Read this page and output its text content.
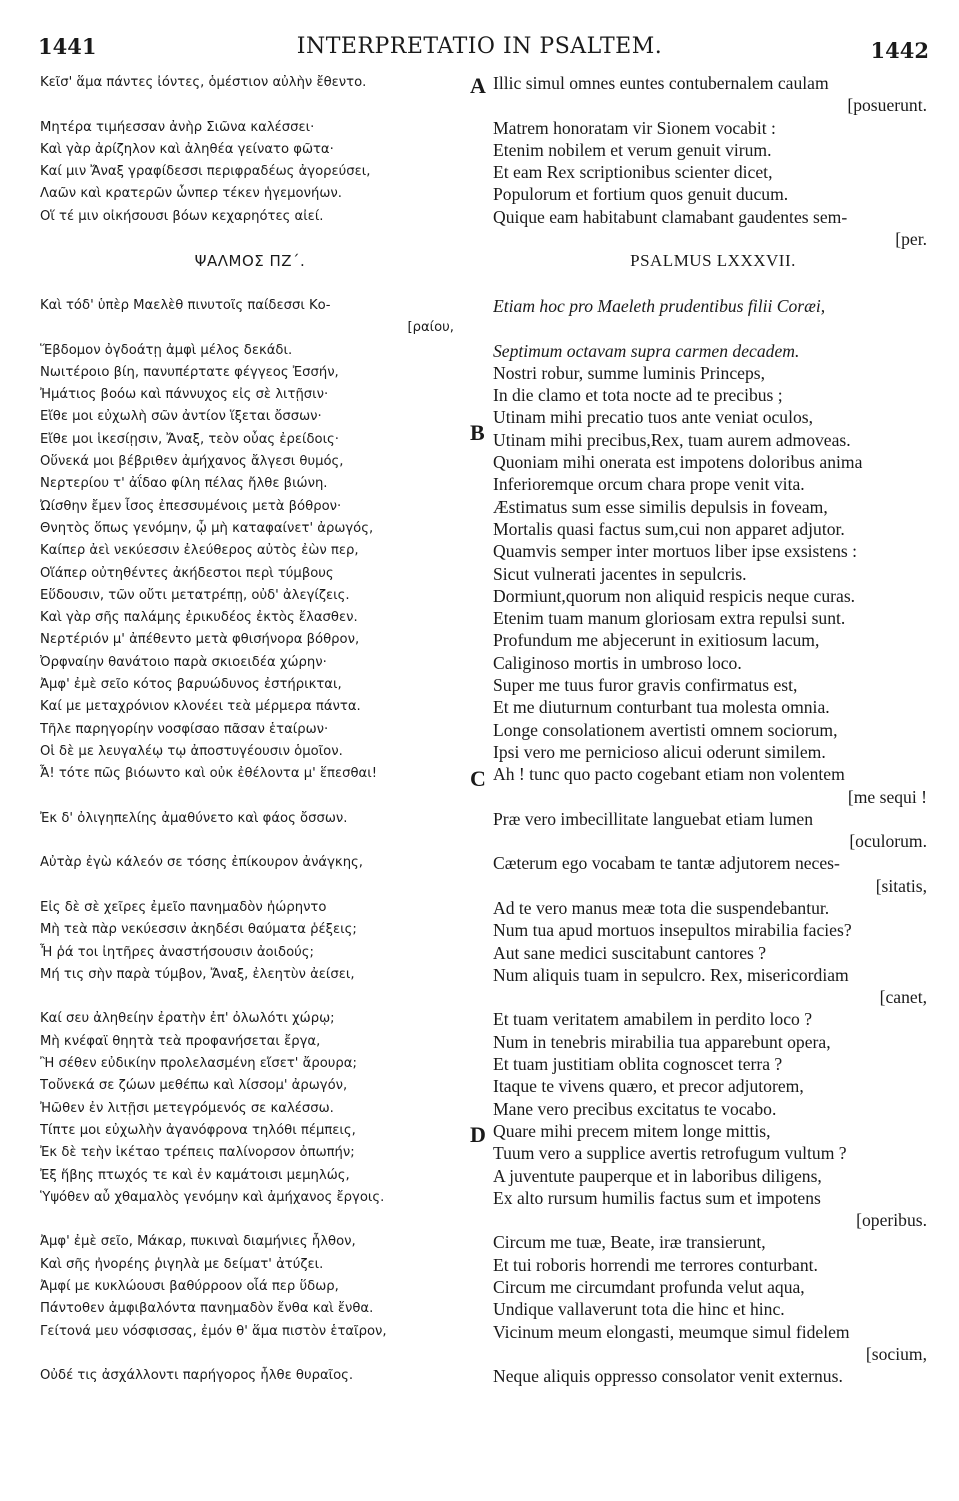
1441	INTERPRETATIO IN PSALTEM.	1442
A
B
C
D
Κεῖσ' ἅμα πάντες ἰόντες, ὁμέστιον αὐλὴν ἔθεντο.
Μητέρα τιμήεσσαν ἀνὴρ Σιῶνα καλέσσει·
Καὶ γὰρ ἀρίζηλον καὶ ἀληθέα γείνατο φῶτα·
Καί μιν Ἄναξ γραφίδεσσι περιφραδέως ἀγορεύσει,
Λαῶν καὶ κρατερῶν ὧνπερ τέκεν ἡγεμονήων.
Οἵ τέ μιν οἰκήσουσι βόων κεχαρηότες αἰεί.
ΨΑΛΜΟΣ ΠΖ΄.
Καὶ τόδ' ὑπὲρ Μαελὲθ πινυτοῖς παίδεσσι Κο-
[ραίου,
Ἕβδομον ὀγδοάτῃ ἀμφὶ μέλος δεκάδι.
Νωιτέροιο βίη, πανυπέρτατε φέγγεος Ἐσσήν,
Ἠμάτιος βοόω καὶ πάννυχος εἰς σὲ λιτῇσιν·
Εἴθε μοι εὐχωλὴ σῶν ἀντίον ἵξεται ὄσσων·
Εἴθε μοι ἱκεσίῃσιν, Ἄναξ, τεὸν οὖας ἐρείδοις·
Οὕνεκά μοι βέβριθεν ἀμήχανος ἄλγεσι θυμός,
Νερτερίου τ' ἀΐδαο φίλη πέλας ἤλθε βιώνη.
Ὠίσθην ἔμεν ἶσος ἐπεσσυμένοις μετὰ βόθρον·
Θνητὸς ὅπως γενόμην, ᾧ μὴ καταφαίνετ' ἀρωγός,
Καίπερ ἀεὶ νεκύεσσιν ἐλεύθερος αὐτὸς ἐὼν περ,
Οἵάπερ οὐτηθέντες ἀκήδεστοι περὶ τύμβους
Εὕδουσιν, τῶν οὔτι μετατρέπῃ, οὐδ' ἀλεγίζεις.
Καὶ γὰρ σῆς παλάμης ἐρικυδέος ἐκτὸς ἔλασθεν.
Νερτέριόν μ' ἀπέθεντο μετὰ φθισήνορα βόθρον,
Ὀρφναίην θανάτοιο παρὰ σκιοειδέα χώρην·
Ἀμφ' ἐμὲ σεῖο κότος βαρυώδυνος ἐστήρικται,
Καί με μεταχρόνιον κλονέει τεὰ μέρμερα πάντα.
Τῆλε παρηγορίην νοσφίσαο πᾶσαν ἑταίρων·
Οἱ δὲ με λευγαλέῳ τῳ ἀποστυγέουσιν ὁμοῖον.
Ἆ! τότε πῶς βιόωντο καὶ οὐκ ἐθέλοντα μ' ἕπεσθαι!
Ἐκ δ' ὀλιγηπελίης ἀμαθύνετο καὶ φάος ὄσσων.
Αὐτὰρ ἐγὼ κάλεόν σε τόσης ἐπίκουρον ἀνάγκης,
Εἰς δὲ σὲ χεῖρες ἐμεῖο πανημαδὸν ἠώρηντο
Μὴ τεὰ πὰρ νεκύεσσιν ἀκηδέσι θαύματα ῥέξεις;
Ἦ ῥά τοι ἰητῆρες ἀναστήσουσιν ἀοιδούς;
Μή τις σὴν παρὰ τύμβον, Ἄναξ, ἐλεητὺν ἀείσει,
Καί σευ ἀληθείην ἐρατὴν ἐπ' ὀλωλότι χώρῳ;
Μὴ κνέφαϊ θηητὰ τεὰ προφανήσεται ἔργα,
Ἢ σέθεν εὐδικίην προλελασμένη εἴσετ' ἄρουρα;
Τοὔνεκά σε ζώων μεθέπω καὶ λίσσομ' ἀρωγόν,
Ἠῶθεν ἐν λιτῇσι μετεγρόμενός σε καλέσσω.
Τίπτε μοι εὐχωλὴν ἀγανόφρονα τηλόθι πέμπεις,
Ἐκ δὲ τεὴν ἱκέταο τρέπεις παλίνορσον ὀπωπήν;
Ἐξ ἥβης πτωχός τε καὶ ἐν καμάτοισι μεμηλώς,
Ὑψόθεν αὖ χθαμαλὸς γενόμην καὶ ἀμήχανος ἔργοις.
Ἀμφ' ἐμὲ σεῖο, Μάκαρ, πυκιναὶ διαμήνιες ἦλθον,
Καὶ σῆς ἠνορέης ῥιγηλὰ με δείματ' ἀτύζει.
Ἀμφί με κυκλώουσι βαθύρροον οἷά περ ὕδωρ,
Πάντοθεν ἀμφιβαλόντα πανημαδὸν ἔνθα καὶ ἔνθα.
Γείτονά μευ νόσφισσας, ἐμόν θ' ἅμα πιστὸν ἑταῖρον,
Οὐδέ τις ἀσχάλλοντι παρήγορος ἦλθε θυραῖος.
Illic simul omnes euntes contubernalem caulam
[posuerunt.
Matrem honoratam vir Sionem vocabit :
Etenim nobilem et verum genuit virum.
Et eam Rex scriptionibus scienter dicet,
Populorum et fortium quos genuit ducum.
Quique eam habitabunt clamabant gaudentes sem-
[per.
PSALMUS LXXXVII.
Etiam hoc pro Maeleth prudentibus filii Coræi,
Septimum octavam supra carmen decadem.
Nostri robur, summe luminis Princeps,
In die clamo et tota nocte ad te precibus ;
Utinam mihi precatio tuos ante veniat oculos,
Utinam mihi precibus,Rex, tuam aurem admoveas.
Quoniam mihi onerata est impotens doloribus anima
Inferioremque orcum chara prope venit vita.
Æstimatus sum esse similis depulsis in foveam,
Mortalis quasi factus sum,cui non apparet adjutor.
Quamvis semper inter mortuos liber ipse exsistens :
Sicut vulnerati jacentes in sepulcris.
Dormiunt,quorum non aliquid respicis neque curas.
Etenim tuam manum gloriosam extra repulsi sunt.
Profundum me abjecerunt in exitiosum lacum,
Caliginoso mortis in umbroso loco.
Super me tuus furor gravis confirmatus est,
Et me diuturnum conturbant tua molesta omnia.
Longe consolationem avertisti omnem sociorum,
Ipsi vero me pernicioso alicui oderunt similem.
Ah ! tunc quo pacto cogebant etiam non volentem
[me sequi !
Præ vero imbecillitate languebat etiam lumen
[oculorum.
Cæterum ego vocabam te tantæ adjutorem neces-
[sitatis,
Ad te vero manus meæ tota die suspendebantur.
Num tua apud mortuos insepultos mirabilia facies?
Aut sane medici suscitabunt cantores ?
Num aliquis tuam in sepulcro. Rex, misericordiam
[canet,
Et tuam veritatem amabilem in perdito loco ?
Num in tenebris mirabilia tua apparebunt opera,
Et tuam justitiam oblita cognoscet terra ?
Itaque te vivens quæro, et precor adjutorem,
Mane vero precibus excitatus te vocabo.
Quare mihi precem mitem longe mittis,
Tuum vero a supplice avertis retrofugum vultum ?
A juventute pauperque et in laboribus diligens,
Ex alto rursum humilis factus sum et impotens
[operibus.
Circum me tuæ, Beate, iræ transierunt,
Et tui roboris horrendi me terrores conturbant.
Circum me circumdant profunda velut aqua,
Undique vallaverunt tota die hinc et hinc.
Vicinum meum elongasti, meumque simul fidelem
[socium,
Neque aliquis oppresso consolator venit externus.
